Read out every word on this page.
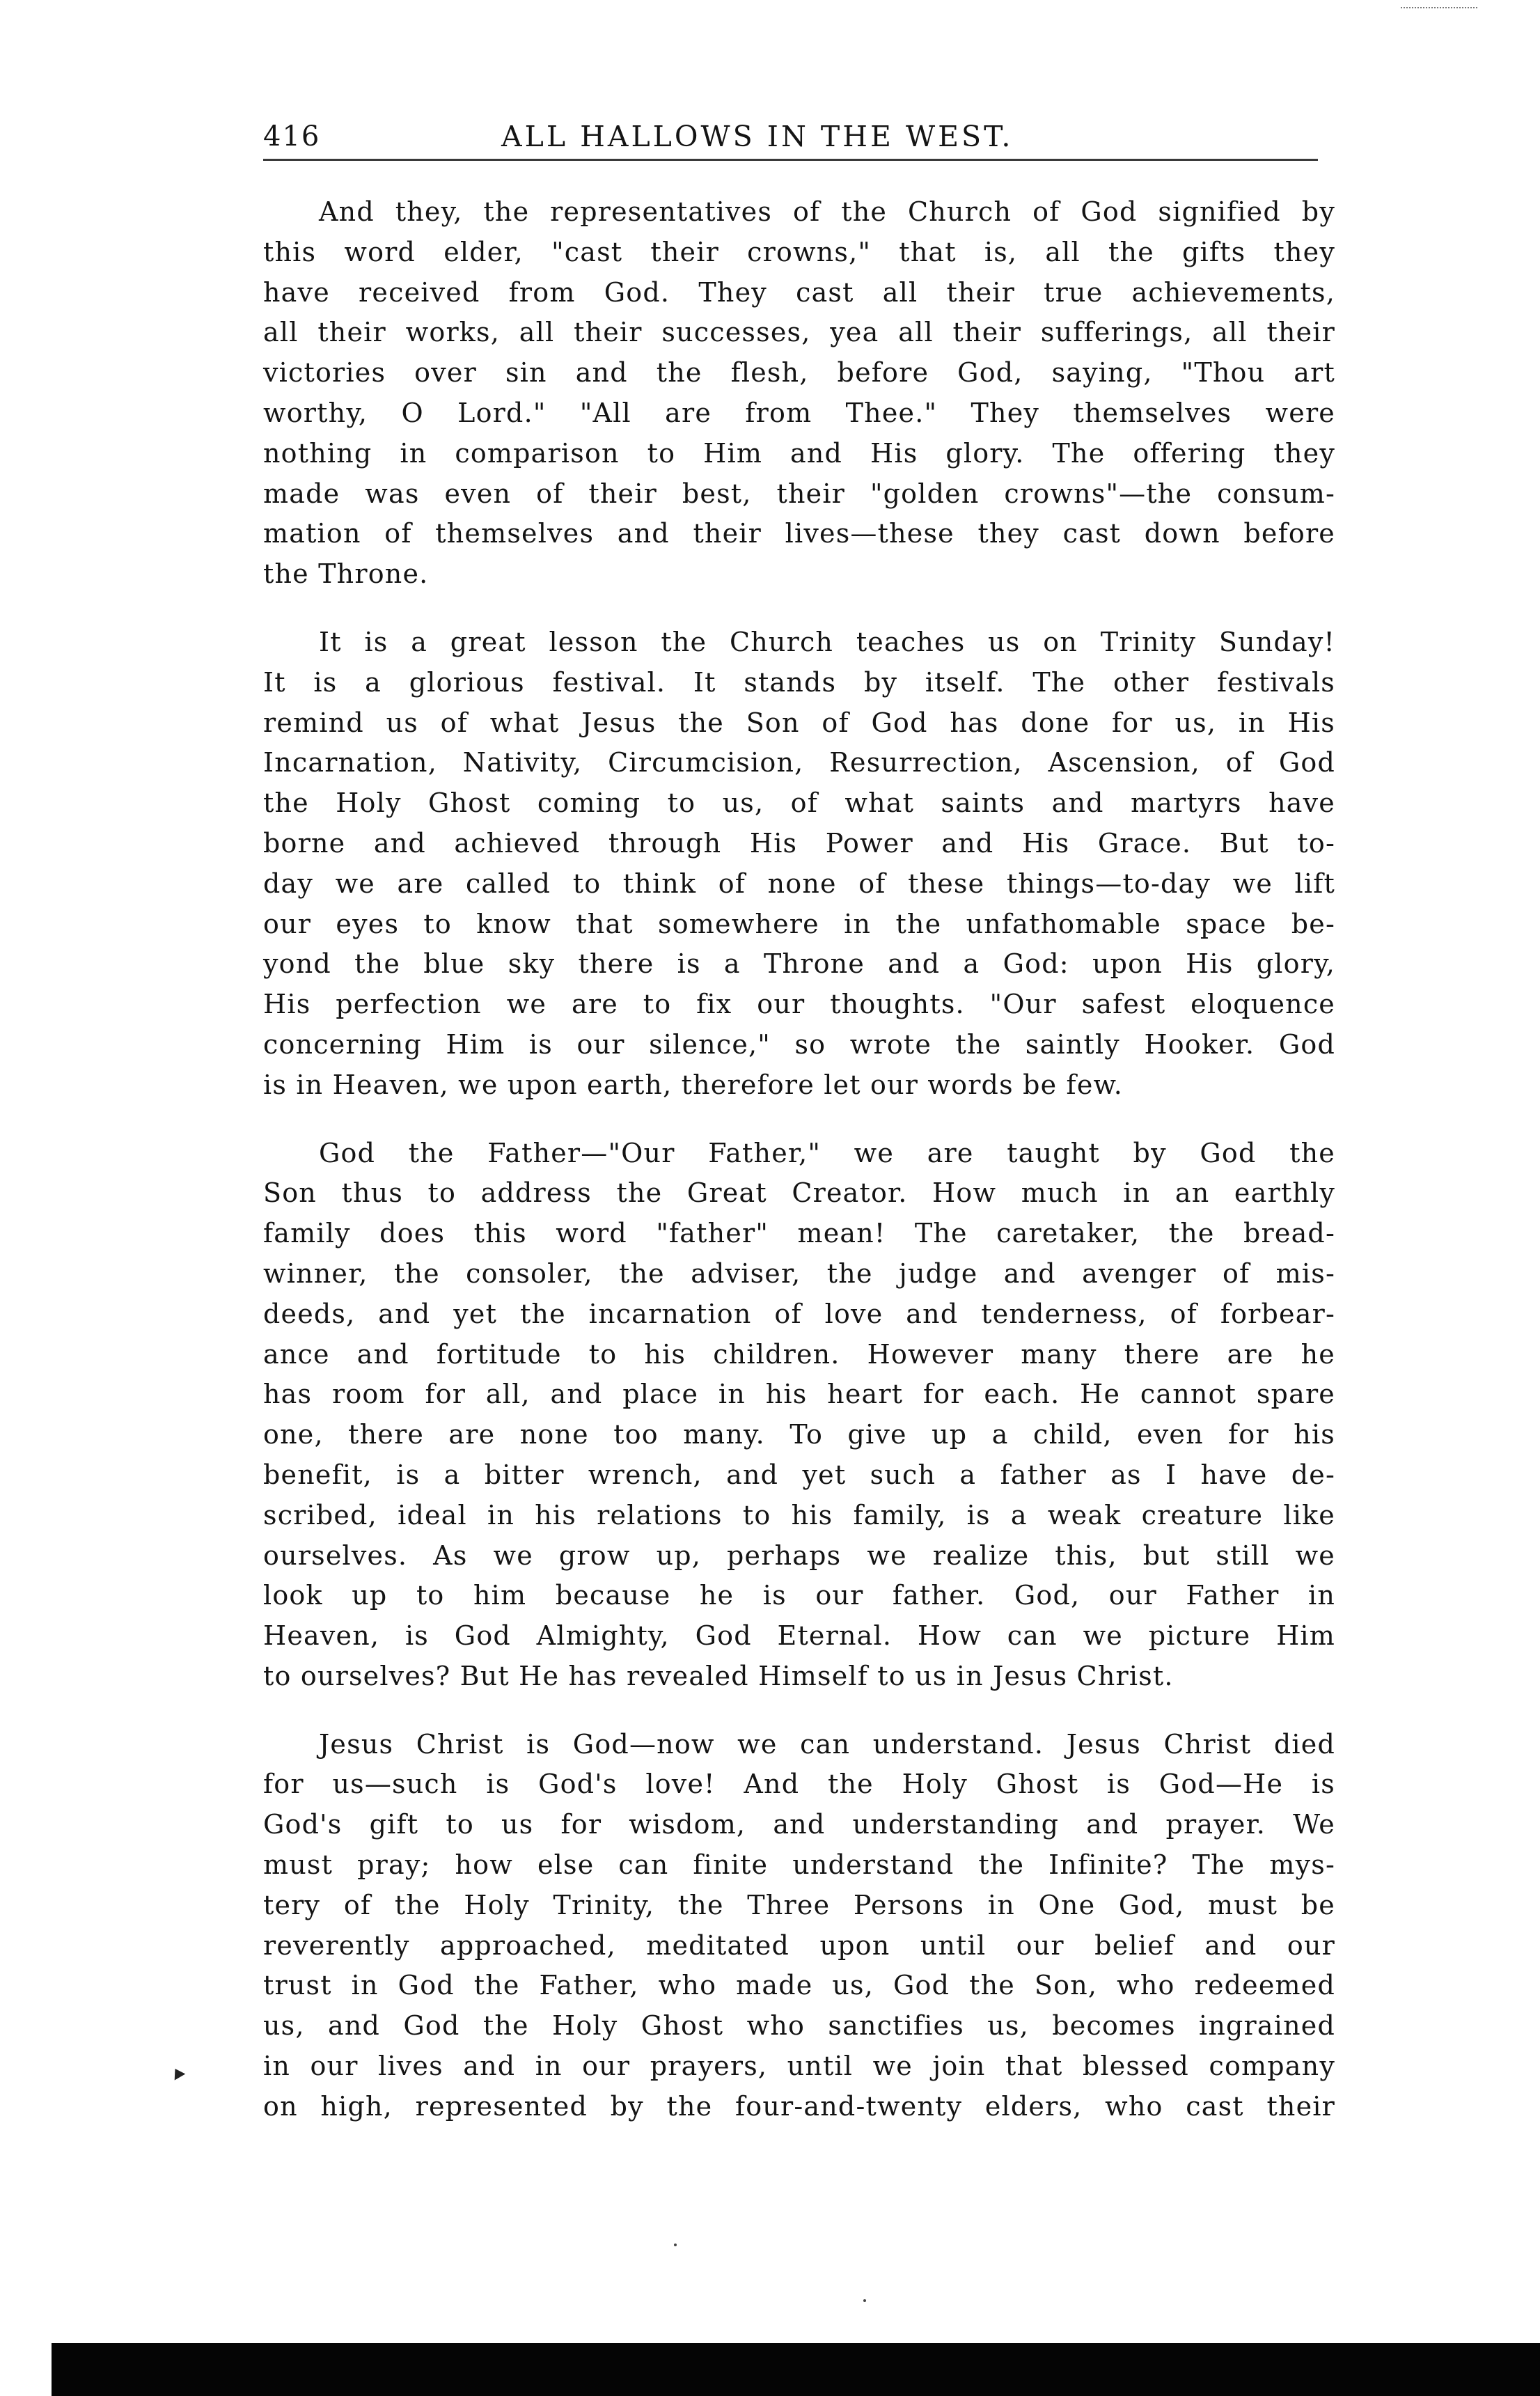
416	ALL HALLOWS IN THE WEST.

And they, the representatives of the Church of God signified by
this word elder, "cast their crowns," that is, all the gifts they
have received from God. They cast all their true achievements,
all their works, all their successes, yea all their sufferings, all their
victories over sin and the flesh, before God, saying, "Thou art
worthy, O Lord." "All are from Thee." They themselves were
nothing in comparison to Him and His glory. The offering they
made was even of their best, their "golden crowns"—the consum-
mation of themselves and their lives—these they cast down before
the Throne.

It is a great lesson the Church teaches us on Trinity Sunday!
It is a glorious festival. It stands by itself. The other festivals
remind us of what Jesus the Son of God has done for us, in His
Incarnation, Nativity, Circumcision, Resurrection, Ascension, of God
the Holy Ghost coming to us, of what saints and martyrs have
borne and achieved through His Power and His Grace. But to-
day we are called to think of none of these things—to-day we lift
our eyes to know that somewhere in the unfathomable space be-
yond the blue sky there is a Throne and a God: upon His glory,
His perfection we are to fix our thoughts. "Our safest eloquence
concerning Him is our silence," so wrote the saintly Hooker. God
is in Heaven, we upon earth, therefore let our words be few.

God the Father—"Our Father," we are taught by God the
Son thus to address the Great Creator. How much in an earthly
family does this word "father" mean! The caretaker, the bread-
winner, the consoler, the adviser, the judge and avenger of mis-
deeds, and yet the incarnation of love and tenderness, of forbear-
ance and fortitude to his children. However many there are he
has room for all, and place in his heart for each. He cannot spare
one, there are none too many. To give up a child, even for his
benefit, is a bitter wrench, and yet such a father as I have de-
scribed, ideal in his relations to his family, is a weak creature like
ourselves. As we grow up, perhaps we realize this, but still we
look up to him because he is our father. God, our Father in
Heaven, is God Almighty, God Eternal. How can we picture Him
to ourselves? But He has revealed Himself to us in Jesus Christ.

Jesus Christ is God—now we can understand. Jesus Christ died
for us—such is God's love! And the Holy Ghost is God—He is
God's gift to us for wisdom, and understanding and prayer. We
must pray; how else can finite understand the Infinite? The mys-
tery of the Holy Trinity, the Three Persons in One God, must be
reverently approached, meditated upon until our belief and our
trust in God the Father, who made us, God the Son, who redeemed
us, and God the Holy Ghost who sanctifies us, becomes ingrained
in our lives and in our prayers, until we join that blessed company
on high, represented by the four-and-twenty elders, who cast their
